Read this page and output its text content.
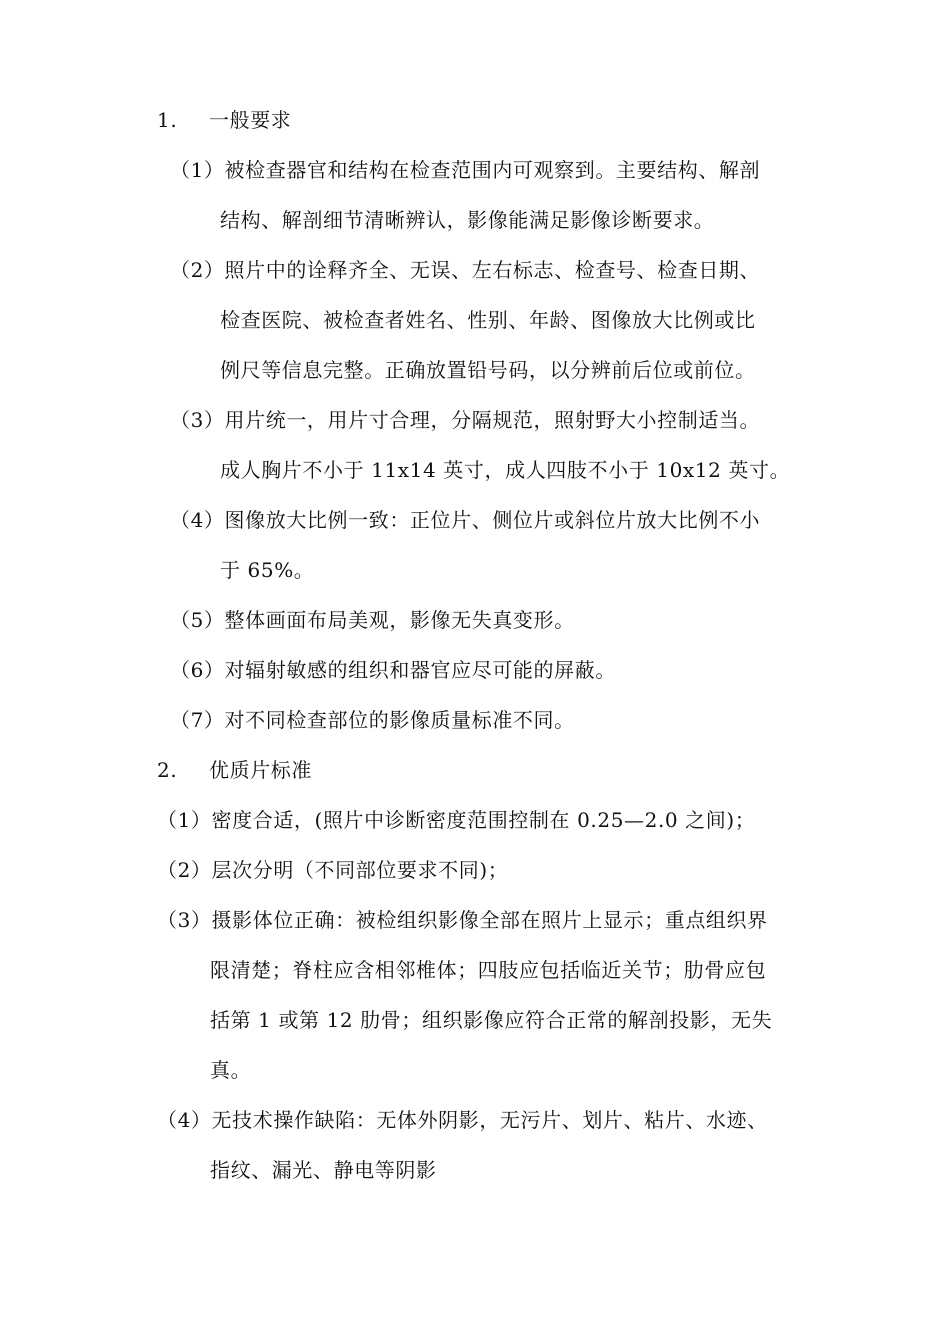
1. 一般要求
（1）被检查器官和结构在检查范围内可观察到。主要结构、解剖
结构、解剖细节清晰辨认，影像能满足影像诊断要求。
（2）照片中的诠释齐全、无误、左右标志、检查号、检查日期、
检查医院、被检查者姓名、性别、年龄、图像放大比例或比
例尺等信息完整。正确放置铅号码，以分辨前后位或前位。
（3）用片统一，用片寸合理，分隔规范，照射野大小控制适当。
成人胸片不小于 11x14 英寸，成人四肢不小于 10x12 英寸。
（4）图像放大比例一致：正位片、侧位片或斜位片放大比例不小
于 65%。
（5）整体画面布局美观，影像无失真变形。
（6）对辐射敏感的组织和器官应尽可能的屏蔽。
（7）对不同检查部位的影像质量标准不同。
2. 优质片标准
（1）密度合适，(照片中诊断密度范围控制在 0.25—2.0 之间)；
（2）层次分明（不同部位要求不同)；
（3）摄影体位正确：被检组织影像全部在照片上显示；重点组织界
限清楚；脊柱应含相邻椎体；四肢应包括临近关节；肋骨应包
括第 1 或第 12 肋骨；组织影像应符合正常的解剖投影，无失
真。
（4）无技术操作缺陷：无体外阴影，无污片、划片、粘片、水迹、
指纹、漏光、静电等阴影
